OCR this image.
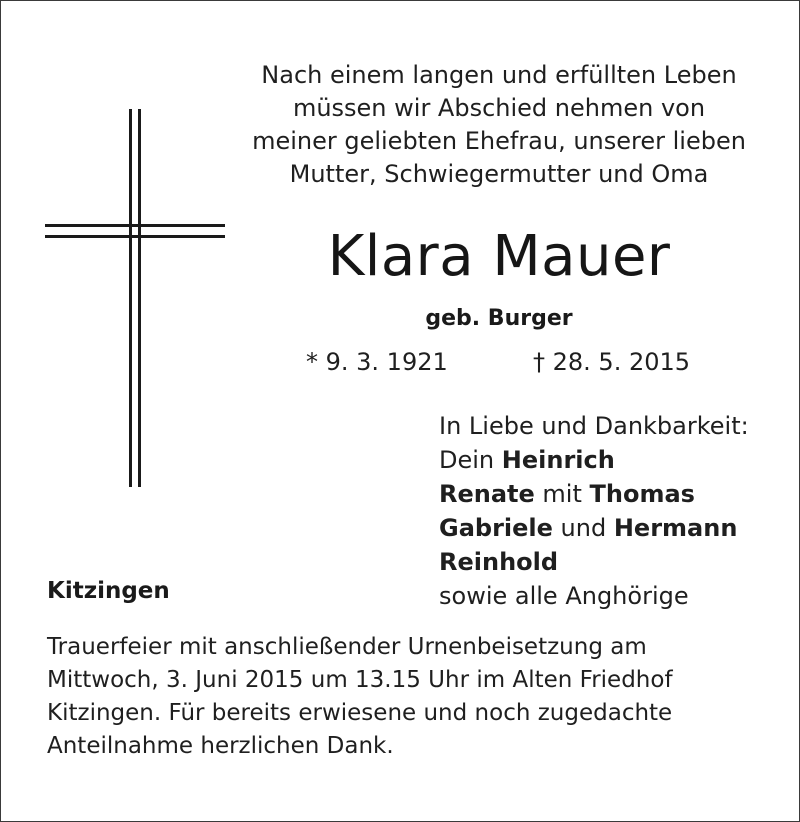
Nach einem langen und erfüllten Leben
müssen wir Abschied nehmen von
meiner geliebten Ehefrau, unserer lieben
Mutter, Schwiegermutter und Oma
Klara Mauer
geb. Burger
* 9. 3. 1921	† 28. 5. 2015
In Liebe und Dankbarkeit:
Dein Heinrich
Renate mit Thomas
Gabriele und Hermann
Reinhold
sowie alle Anghörige
Kitzingen
Trauerfeier mit anschließender Urnenbeisetzung am
Mittwoch, 3. Juni 2015 um 13.15 Uhr im Alten Friedhof
Kitzingen. Für bereits erwiesene und noch zugedachte
Anteilnahme herzlichen Dank.
